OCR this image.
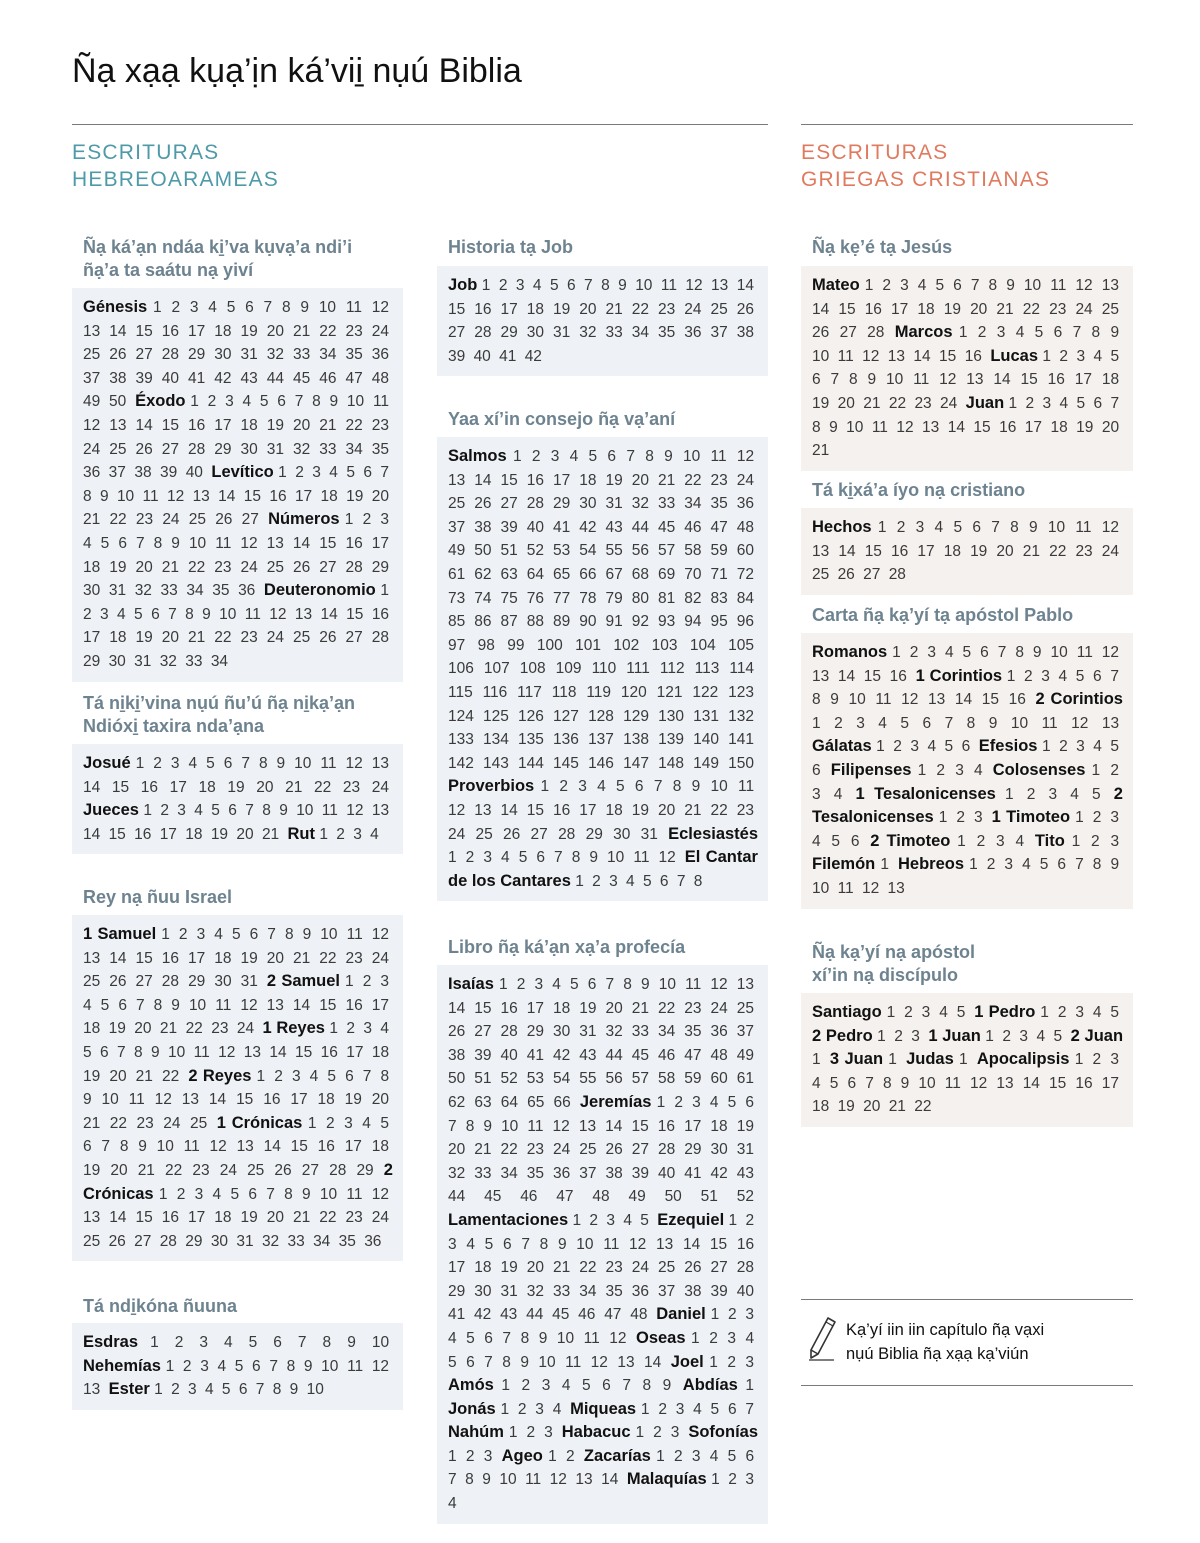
Ñạ xạạ kụạ’ịn ká’vii̱ nụú Biblia
ESCRITURAS
HEBREOARAMEAS
ESCRITURAS
GRIEGAS CRISTIANAS
Ñạ ká’ạn ndáa ki̱’va kụvạ’a ndi’i
ñạ’a ta saátu nạ yiví
Génesis 1 2 3 4 5 6 7 8 9 10 11 12 13 14 15 16 17 18 19 20 21 22 23 24 25 26 27 28 29 30 31 32 33 34 35 36 37 38 39 40 41 42 43 44 45 46 47 48 49 50 Éxodo 1 2 3 4 5 6 7 8 9 10 11 12 13 14 15 16 17 18 19 20 21 22 23 24 25 26 27 28 29 30 31 32 33 34 35 36 37 38 39 40 Levítico 1 2 3 4 5 6 7 8 9 10 11 12 13 14 15 16 17 18 19 20 21 22 23 24 25 26 27 Números 1 2 3 4 5 6 7 8 9 10 11 12 13 14 15 16 17 18 19 20 21 22 23 24 25 26 27 28 29 30 31 32 33 34 35 36 Deuteronomio 1 2 3 4 5 6 7 8 9 10 11 12 13 14 15 16 17 18 19 20 21 22 23 24 25 26 27 28 29 30 31 32 33 34
Tá ni̱ki̱’vina nụú ñu’ú ñạ ni̱kạ’ạn
Ndióxi̱ taxira nda’ạna
Josué 1 2 3 4 5 6 7 8 9 10 11 12 13 14 15 16 17 18 19 20 21 22 23 24 Jueces 1 2 3 4 5 6 7 8 9 10 11 12 13 14 15 16 17 18 19 20 21 Rut 1 2 3 4
Rey nạ ñuu Israel
1 Samuel 1 2 3 4 5 6 7 8 9 10 11 12 13 14 15 16 17 18 19 20 21 22 23 24 25 26 27 28 29 30 31 2 Samuel 1 2 3 4 5 6 7 8 9 10 11 12 13 14 15 16 17 18 19 20 21 22 23 24 1 Reyes 1 2 3 4 5 6 7 8 9 10 11 12 13 14 15 16 17 18 19 20 21 22 2 Reyes 1 2 3 4 5 6 7 8 9 10 11 12 13 14 15 16 17 18 19 20 21 22 23 24 25 1 Crónicas 1 2 3 4 5 6 7 8 9 10 11 12 13 14 15 16 17 18 19 20 21 22 23 24 25 26 27 28 29 2 Crónicas 1 2 3 4 5 6 7 8 9 10 11 12 13 14 15 16 17 18 19 20 21 22 23 24 25 26 27 28 29 30 31 32 33 34 35 36
Tá ndi̱kóna ñuuna
Esdras 1 2 3 4 5 6 7 8 9 10 Nehemías 1 2 3 4 5 6 7 8 9 10 11 12 13 Ester 1 2 3 4 5 6 7 8 9 10
Historia tạ Job
Job 1 2 3 4 5 6 7 8 9 10 11 12 13 14 15 16 17 18 19 20 21 22 23 24 25 26 27 28 29 30 31 32 33 34 35 36 37 38 39 40 41 42
Yaa xí’in consejo ñạ vạ’aní
Salmos 1 2 3 4 5 6 7 8 9 10 11 12 13 14 15 16 17 18 19 20 21 22 23 24 25 26 27 28 29 30 31 32 33 34 35 36 37 38 39 40 41 42 43 44 45 46 47 48 49 50 51 52 53 54 55 56 57 58 59 60 61 62 63 64 65 66 67 68 69 70 71 72 73 74 75 76 77 78 79 80 81 82 83 84 85 86 87 88 89 90 91 92 93 94 95 96 97 98 99 100 101 102 103 104 105 106 107 108 109 110 111 112 113 114 115 116 117 118 119 120 121 122 123 124 125 126 127 128 129 130 131 132 133 134 135 136 137 138 139 140 141 142 143 144 145 146 147 148 149 150 Proverbios 1 2 3 4 5 6 7 8 9 10 11 12 13 14 15 16 17 18 19 20 21 22 23 24 25 26 27 28 29 30 31 Eclesiastés 1 2 3 4 5 6 7 8 9 10 11 12 El Cantar de los Cantares 1 2 3 4 5 6 7 8
Libro ñạ ká’ạn xạ’a profecía
Isaías 1 2 3 4 5 6 7 8 9 10 11 12 13 14 15 16 17 18 19 20 21 22 23 24 25 26 27 28 29 30 31 32 33 34 35 36 37 38 39 40 41 42 43 44 45 46 47 48 49 50 51 52 53 54 55 56 57 58 59 60 61 62 63 64 65 66 Jeremías 1 2 3 4 5 6 7 8 9 10 11 12 13 14 15 16 17 18 19 20 21 22 23 24 25 26 27 28 29 30 31 32 33 34 35 36 37 38 39 40 41 42 43 44 45 46 47 48 49 50 51 52 Lamentaciones 1 2 3 4 5 Ezequiel 1 2 3 4 5 6 7 8 9 10 11 12 13 14 15 16 17 18 19 20 21 22 23 24 25 26 27 28 29 30 31 32 33 34 35 36 37 38 39 40 41 42 43 44 45 46 47 48 Daniel 1 2 3 4 5 6 7 8 9 10 11 12 Oseas 1 2 3 4 5 6 7 8 9 10 11 12 13 14 Joel 1 2 3 Amós 1 2 3 4 5 6 7 8 9 Abdías 1 Jonás 1 2 3 4 Miqueas 1 2 3 4 5 6 7 Nahúm 1 2 3 Habacuc 1 2 3 Sofonías 1 2 3 Ageo 1 2 Zacarías 1 2 3 4 5 6 7 8 9 10 11 12 13 14 Malaquías 1 2 3 4
Ñạ kẹ’é tạ Jesús
Mateo 1 2 3 4 5 6 7 8 9 10 11 12 13 14 15 16 17 18 19 20 21 22 23 24 25 26 27 28 Marcos 1 2 3 4 5 6 7 8 9 10 11 12 13 14 15 16 Lucas 1 2 3 4 5 6 7 8 9 10 11 12 13 14 15 16 17 18 19 20 21 22 23 24 Juan 1 2 3 4 5 6 7 8 9 10 11 12 13 14 15 16 17 18 19 20 21
Tá ki̱xá’a íyo nạ cristiano
Hechos 1 2 3 4 5 6 7 8 9 10 11 12 13 14 15 16 17 18 19 20 21 22 23 24 25 26 27 28
Carta ñạ kạ’yí tạ apóstol Pablo
Romanos 1 2 3 4 5 6 7 8 9 10 11 12 13 14 15 16 1 Corintios 1 2 3 4 5 6 7 8 9 10 11 12 13 14 15 16 2 Corintios 1 2 3 4 5 6 7 8 9 10 11 12 13 Gálatas 1 2 3 4 5 6 Efesios 1 2 3 4 5 6 Filipenses 1 2 3 4 Colosenses 1 2 3 4 1 Tesalonicenses 1 2 3 4 5 2 Tesalonicenses 1 2 3 1 Timoteo 1 2 3 4 5 6 2 Timoteo 1 2 3 4 Tito 1 2 3 Filemón 1 Hebreos 1 2 3 4 5 6 7 8 9 10 11 12 13
Ñạ kạ’yí nạ apóstol
xí’in nạ discípulo
Santiago 1 2 3 4 5 1 Pedro 1 2 3 4 5 2 Pedro 1 2 3 1 Juan 1 2 3 4 5 2 Juan 1 3 Juan 1 Judas 1 Apocalipsis 1 2 3 4 5 6 7 8 9 10 11 12 13 14 15 16 17 18 19 20 21 22
Kạ’yí iin iin capítulo ñạ vạxi
nụú Biblia ñạ xạạ kạ’viún
